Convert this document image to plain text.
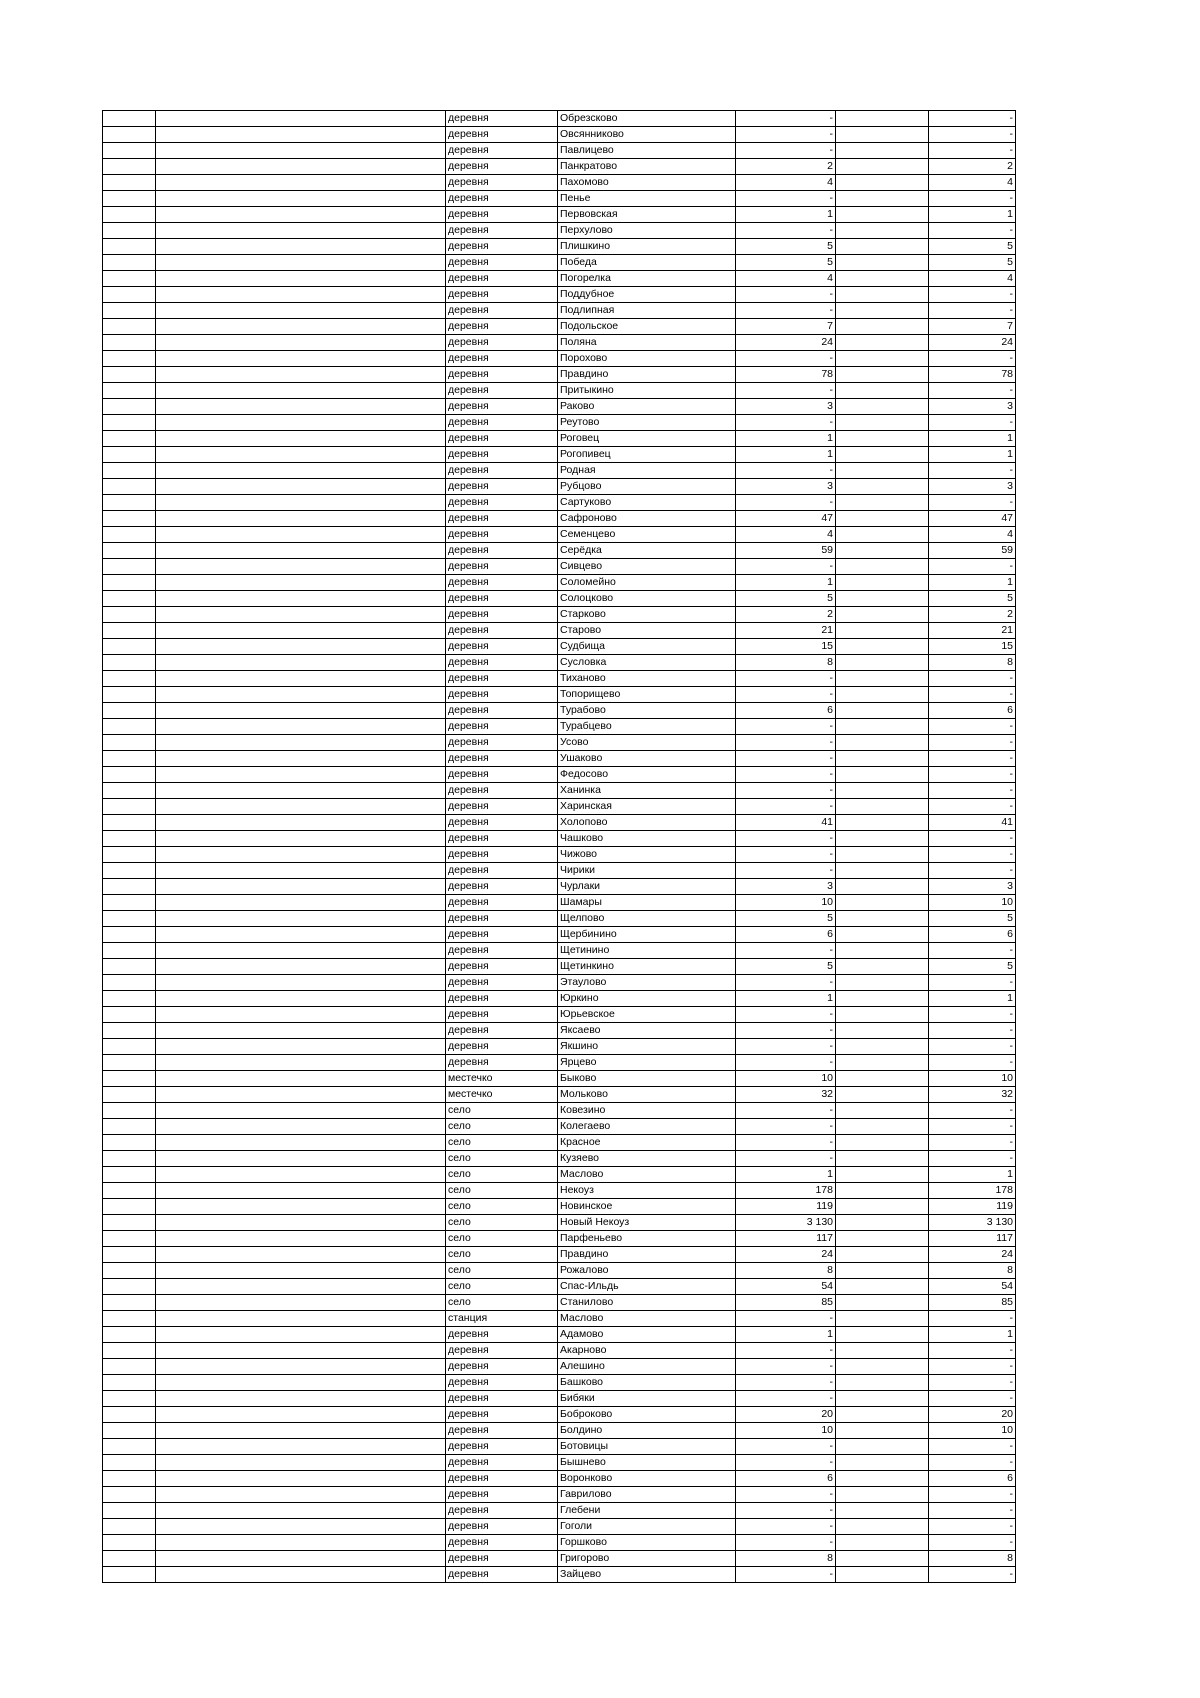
		деревня	Обрезсково	-		-
		деревня	Овсянниково	-		-
		деревня	Павлицево	-		-
		деревня	Панкратово	2		2
		деревня	Пахомово	4		4
		деревня	Пенье	-		-
		деревня	Первовская	1		1
		деревня	Перхулово	-		-
		деревня	Плишкино	5		5
		деревня	Победа	5		5
		деревня	Погорелка	4		4
		деревня	Поддубное	-		-
		деревня	Подлипная	-		-
		деревня	Подольское	7		7
		деревня	Поляна	24		24
		деревня	Порохово	-		-
		деревня	Правдино	78		78
		деревня	Притыкино	-		-
		деревня	Раково	3		3
		деревня	Реутово	-		-
		деревня	Роговец	1		1
		деревня	Рогопивец	1		1
		деревня	Родная	-		-
		деревня	Рубцово	3		3
		деревня	Сартуково	-		-
		деревня	Сафроново	47		47
		деревня	Семенцево	4		4
		деревня	Серёдка	59		59
		деревня	Сивцево	-		-
		деревня	Соломейно	1		1
		деревня	Солоцково	5		5
		деревня	Старково	2		2
		деревня	Старово	21		21
		деревня	Судбища	15		15
		деревня	Сусловка	8		8
		деревня	Тиханово	-		-
		деревня	Топорищево	-		-
		деревня	Турабово	6		6
		деревня	Турабцево	-		-
		деревня	Усово	-		-
		деревня	Ушаково	-		-
		деревня	Федосово	-		-
		деревня	Ханинка	-		-
		деревня	Харинская	-		-
		деревня	Холопово	41		41
		деревня	Чашково	-		-
		деревня	Чижово	-		-
		деревня	Чирики	-		-
		деревня	Чурлаки	3		3
		деревня	Шамары	10		10
		деревня	Щелпово	5		5
		деревня	Щербинино	6		6
		деревня	Щетинино	-		-
		деревня	Щетинкино	5		5
		деревня	Этаулово	-		-
		деревня	Юркино	1		1
		деревня	Юрьевское	-		-
		деревня	Яксаево	-		-
		деревня	Якшино	-		-
		деревня	Ярцево	-		-
		местечко	Быково	10		10
		местечко	Мольково	32		32
		село	Ковезино	-		-
		село	Колегаево	-		-
		село	Красное	-		-
		село	Кузяево	-		-
		село	Маслово	1		1
		село	Некоуз	178		178
		село	Новинское	119		119
		село	Новый Некоуз	3 130		3 130
		село	Парфеньево	117		117
		село	Правдино	24		24
		село	Рожалово	8		8
		село	Спас-Ильдь	54		54
		село	Станилово	85		85
		станция	Маслово	-		-
		деревня	Адамово	1		1
		деревня	Акарново	-		-
		деревня	Алешино	-		-
		деревня	Башково	-		-
		деревня	Бибяки	-		-
		деревня	Боброково	20		20
		деревня	Болдино	10		10
		деревня	Ботовицы	-		-
		деревня	Бышнево	-		-
		деревня	Воронково	6		6
		деревня	Гаврилово	-		-
		деревня	Глебени	-		-
		деревня	Гоголи	-		-
		деревня	Горшково	-		-
		деревня	Григорово	8		8
		деревня	Зайцево	-		-
